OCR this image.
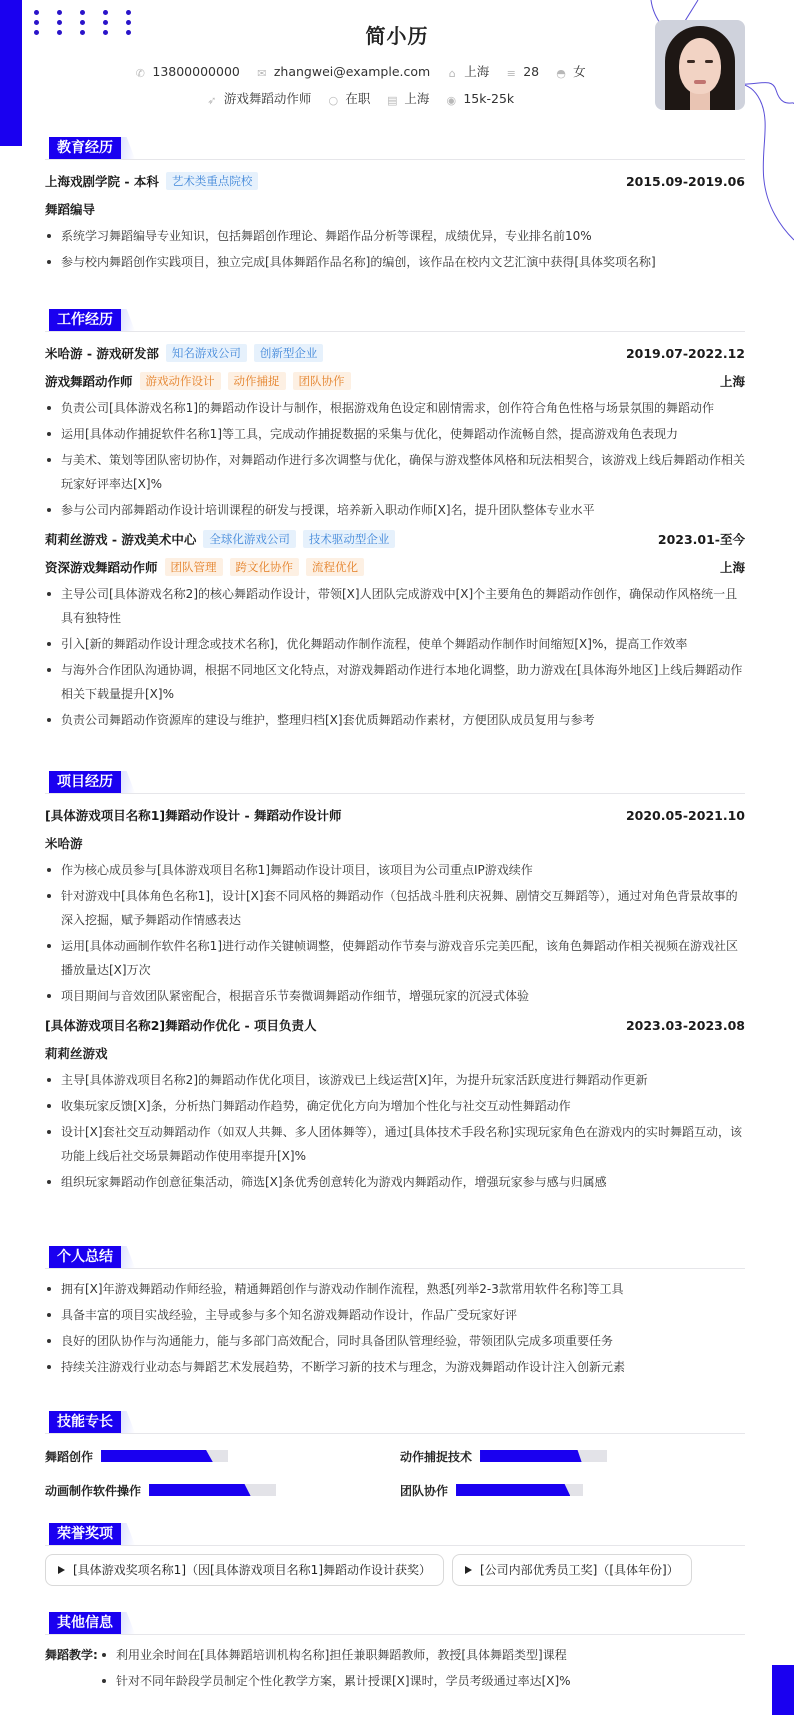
简小历
✆ 13800000000 ✉ zhangwei@example.com ⌂ 上海 ≡ 28 ◓ 女
➶ 游戏舞蹈动作师 ○ 在职 ▤ 上海 ◉ 15k-25k
教育经历
上海戏剧学院 - 本科 艺术类重点院校	2015.09-2019.06
舞蹈编导
系统学习舞蹈编导专业知识，包括舞蹈创作理论、舞蹈作品分析等课程，成绩优异，专业排名前10%
参与校内舞蹈创作实践项目，独立完成[具体舞蹈作品名称]的编创，该作品在校内文艺汇演中获得[具体奖项名称]
工作经历
米哈游 - 游戏研发部 知名游戏公司 创新型企业	2019.07-2022.12
游戏舞蹈动作师 游戏动作设计 动作捕捉 团队协作	上海
负责公司[具体游戏名称1]的舞蹈动作设计与制作，根据游戏角色设定和剧情需求，创作符合角色性格与场景氛围的舞蹈动作
运用[具体动作捕捉软件名称1]等工具，完成动作捕捉数据的采集与优化，使舞蹈动作流畅自然，提高游戏角色表现力
与美术、策划等团队密切协作，对舞蹈动作进行多次调整与优化，确保与游戏整体风格和玩法相契合，该游戏上线后舞蹈动作相关玩家好评率达[X]%
参与公司内部舞蹈动作设计培训课程的研发与授课，培养新入职动作师[X]名，提升团队整体专业水平
莉莉丝游戏 - 游戏美术中心 全球化游戏公司 技术驱动型企业	2023.01-至今
资深游戏舞蹈动作师 团队管理 跨文化协作 流程优化	上海
主导公司[具体游戏名称2]的核心舞蹈动作设计，带领[X]人团队完成游戏中[X]个主要角色的舞蹈动作创作，确保动作风格统一且具有独特性
引入[新的舞蹈动作设计理念或技术名称]，优化舞蹈动作制作流程，使单个舞蹈动作制作时间缩短[X]%，提高工作效率
与海外合作团队沟通协调，根据不同地区文化特点，对游戏舞蹈动作进行本地化调整，助力游戏在[具体海外地区]上线后舞蹈动作相关下载量提升[X]%
负责公司舞蹈动作资源库的建设与维护，整理归档[X]套优质舞蹈动作素材，方便团队成员复用与参考
项目经历
[具体游戏项目名称1]舞蹈动作设计 - 舞蹈动作设计师	2020.05-2021.10
米哈游
作为核心成员参与[具体游戏项目名称1]舞蹈动作设计项目，该项目为公司重点IP游戏续作
针对游戏中[具体角色名称1]，设计[X]套不同风格的舞蹈动作（包括战斗胜利庆祝舞、剧情交互舞蹈等），通过对角色背景故事的深入挖掘，赋予舞蹈动作情感表达
运用[具体动画制作软件名称1]进行动作关键帧调整，使舞蹈动作节奏与游戏音乐完美匹配，该角色舞蹈动作相关视频在游戏社区播放量达[X]万次
项目期间与音效团队紧密配合，根据音乐节奏微调舞蹈动作细节，增强玩家的沉浸式体验
[具体游戏项目名称2]舞蹈动作优化 - 项目负责人	2023.03-2023.08
莉莉丝游戏
主导[具体游戏项目名称2]的舞蹈动作优化项目，该游戏已上线运营[X]年，为提升玩家活跃度进行舞蹈动作更新
收集玩家反馈[X]条，分析热门舞蹈动作趋势，确定优化方向为增加个性化与社交互动性舞蹈动作
设计[X]套社交互动舞蹈动作（如双人共舞、多人团体舞等），通过[具体技术手段名称]实现玩家角色在游戏内的实时舞蹈互动，该功能上线后社交场景舞蹈动作使用率提升[X]%
组织玩家舞蹈动作创意征集活动，筛选[X]条优秀创意转化为游戏内舞蹈动作，增强玩家参与感与归属感
个人总结
拥有[X]年游戏舞蹈动作师经验，精通舞蹈创作与游戏动作制作流程，熟悉[列举2-3款常用软件名称]等工具
具备丰富的项目实战经验，主导或参与多个知名游戏舞蹈动作设计，作品广受玩家好评
良好的团队协作与沟通能力，能与多部门高效配合，同时具备团队管理经验，带领团队完成多项重要任务
持续关注游戏行业动态与舞蹈艺术发展趋势，不断学习新的技术与理念，为游戏舞蹈动作设计注入创新元素
技能专长
舞蹈创作	动作捕捉技术
动画制作软件操作	团队协作
荣誉奖项
[具体游戏奖项名称1]（因[具体游戏项目名称1]舞蹈动作设计获奖）	[公司内部优秀员工奖]（[具体年份]）
其他信息
舞蹈教学:	利用业余时间在[具体舞蹈培训机构名称]担任兼职舞蹈教师，教授[具体舞蹈类型]课程
针对不同年龄段学员制定个性化教学方案，累计授课[X]课时，学员考级通过率达[X]%
